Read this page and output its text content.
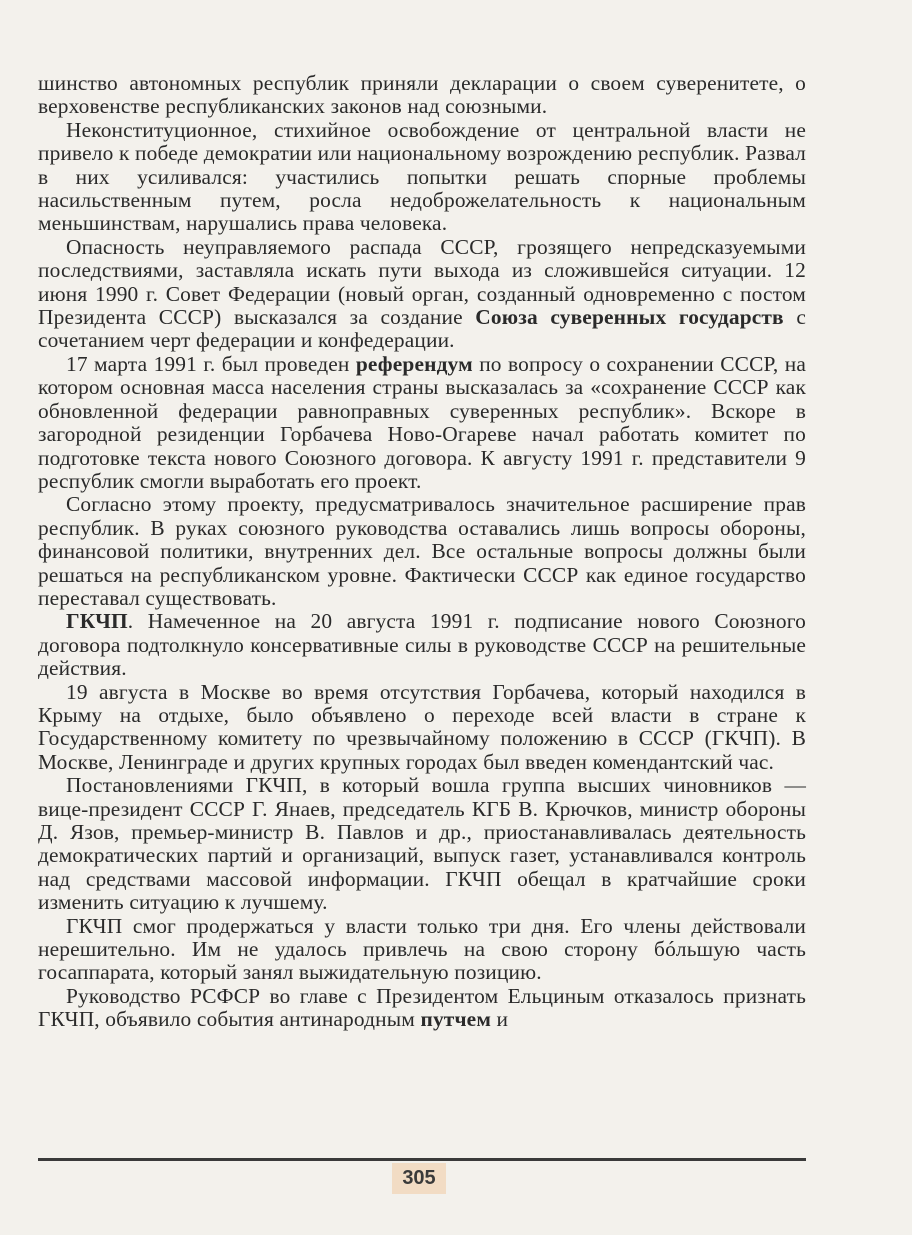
шинство автономных республик приняли декларации о своем суверенитете, о верховенстве республиканских законов над союзными.

Неконституционное, стихийное освобождение от центральной власти не привело к победе демократии или национальному возрождению республик. Развал в них усиливался: участились попытки решать спорные проблемы насильственным путем, росла недоброжелательность к национальным меньшинствам, нарушались права человека.

Опасность неуправляемого распада СССР, грозящего непредсказуемыми последствиями, заставляла искать пути выхода из сложившейся ситуации. 12 июня 1990 г. Совет Федерации (новый орган, созданный одновременно с постом Президента СССР) высказался за создание Союза суверенных государств с сочетанием черт федерации и конфедерации.

17 марта 1991 г. был проведен референдум по вопросу о сохранении СССР, на котором основная масса населения страны высказалась за «сохранение СССР как обновленной федерации равноправных суверенных республик». Вскоре в загородной резиденции Горбачева Ново-Огареве начал работать комитет по подготовке текста нового Союзного договора. К августу 1991 г. представители 9 республик смогли выработать его проект.

Согласно этому проекту, предусматривалось значительное расширение прав республик. В руках союзного руководства оставались лишь вопросы обороны, финансовой политики, внутренних дел. Все остальные вопросы должны были решаться на республиканском уровне. Фактически СССР как единое государство переставал существовать.

ГКЧП. Намеченное на 20 августа 1991 г. подписание нового Союзного договора подтолкнуло консервативные силы в руководстве СССР на решительные действия.

19 августа в Москве во время отсутствия Горбачева, который находился в Крыму на отдыхе, было объявлено о переходе всей власти в стране к Государственному комитету по чрезвычайному положению в СССР (ГКЧП). В Москве, Ленинграде и других крупных городах был введен комендантский час.

Постановлениями ГКЧП, в который вошла группа высших чиновников — вице-президент СССР Г. Янаев, председатель КГБ В. Крючков, министр обороны Д. Язов, премьер-министр В. Павлов и др., приостанавливалась деятельность демократических партий и организаций, выпуск газет, устанавливался контроль над средствами массовой информации. ГКЧП обещал в кратчайшие сроки изменить ситуацию к лучшему.

ГКЧП смог продержаться у власти только три дня. Его члены действовали нерешительно. Им не удалось привлечь на свою сторону бóльшую часть госаппарата, который занял выжидательную позицию.

Руководство РСФСР во главе с Президентом Ельциным отказалось признать ГКЧП, объявило события антинародным путчем и

305
